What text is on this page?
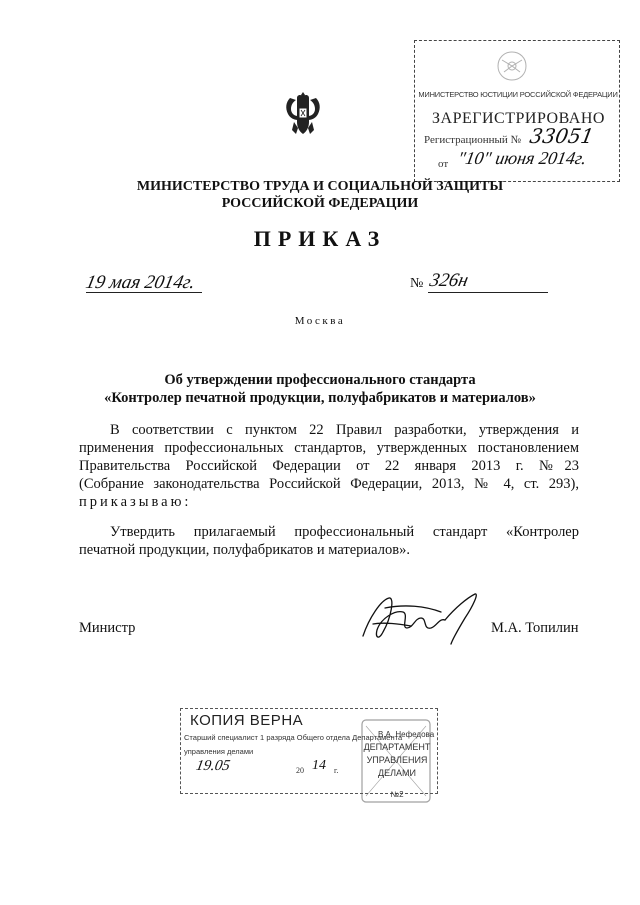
МИНИСТЕРСТВО ЮСТИЦИИ РОССИЙСКОЙ ФЕДЕРАЦИИ
ЗАРЕГИСТРИРОВАНО
Регистрационный № 33051
от "10" июня 2014г.
МИНИСТЕРСТВО ТРУДА И СОЦИАЛЬНОЙ ЗАЩИТЫ
РОССИЙСКОЙ ФЕДЕРАЦИИ
ПРИКАЗ
19 мая 2014г.	№ 326н
Москва
Об утверждении профессионального стандарта
«Контролер печатной продукции, полуфабрикатов и материалов»
В соответствии с пунктом 22 Правил разработки, утверждения и
применения профессиональных стандартов, утвержденных постановлением
Правительства Российской Федерации от 22 января 2013 г. №23
(Собрание законодательства Российской Федерации, 2013, № 4, ст. 293),
приказываю:
Утвердить прилагаемый профессиональный стандарт «Контролер
печатной продукции, полуфабрикатов и материалов».
Министр	М.А. Топилин
КОПИЯ ВЕРНА
Старший специалист 1 разряда Общего отдела Департамента
управления делами
19.05	20 14 г.
ДЕПАРТАМЕНТ
УПРАВЛЕНИЯ
ДЕЛАМИ
№2
В.А. Нефедова
